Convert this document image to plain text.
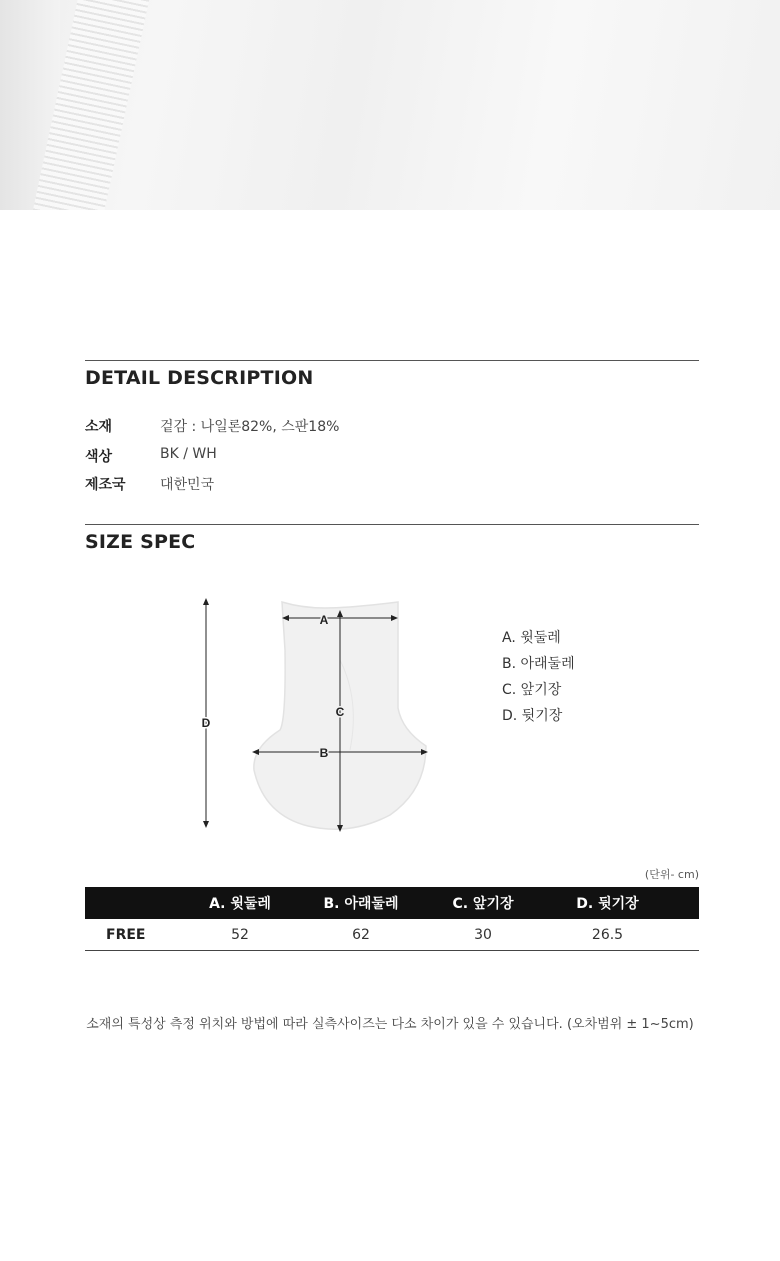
DETAIL DESCRIPTION
소재	겉감 : 나일론82%, 스판18%
색상	BK / WH
제조국	대한민국
SIZE SPEC
D
A
C
B
A. 윗둘레
B. 아래둘레
C. 앞기장
D. 뒷기장
(단위- cm)
A. 윗둘레	B. 아래둘레	C. 앞기장	D. 뒷기장
FREE	52	62	30	26.5
소재의 특성상 측정 위치와 방법에 따라 실측사이즈는 다소 차이가 있을 수 있습니다. (오차범위 ± 1~5cm)
